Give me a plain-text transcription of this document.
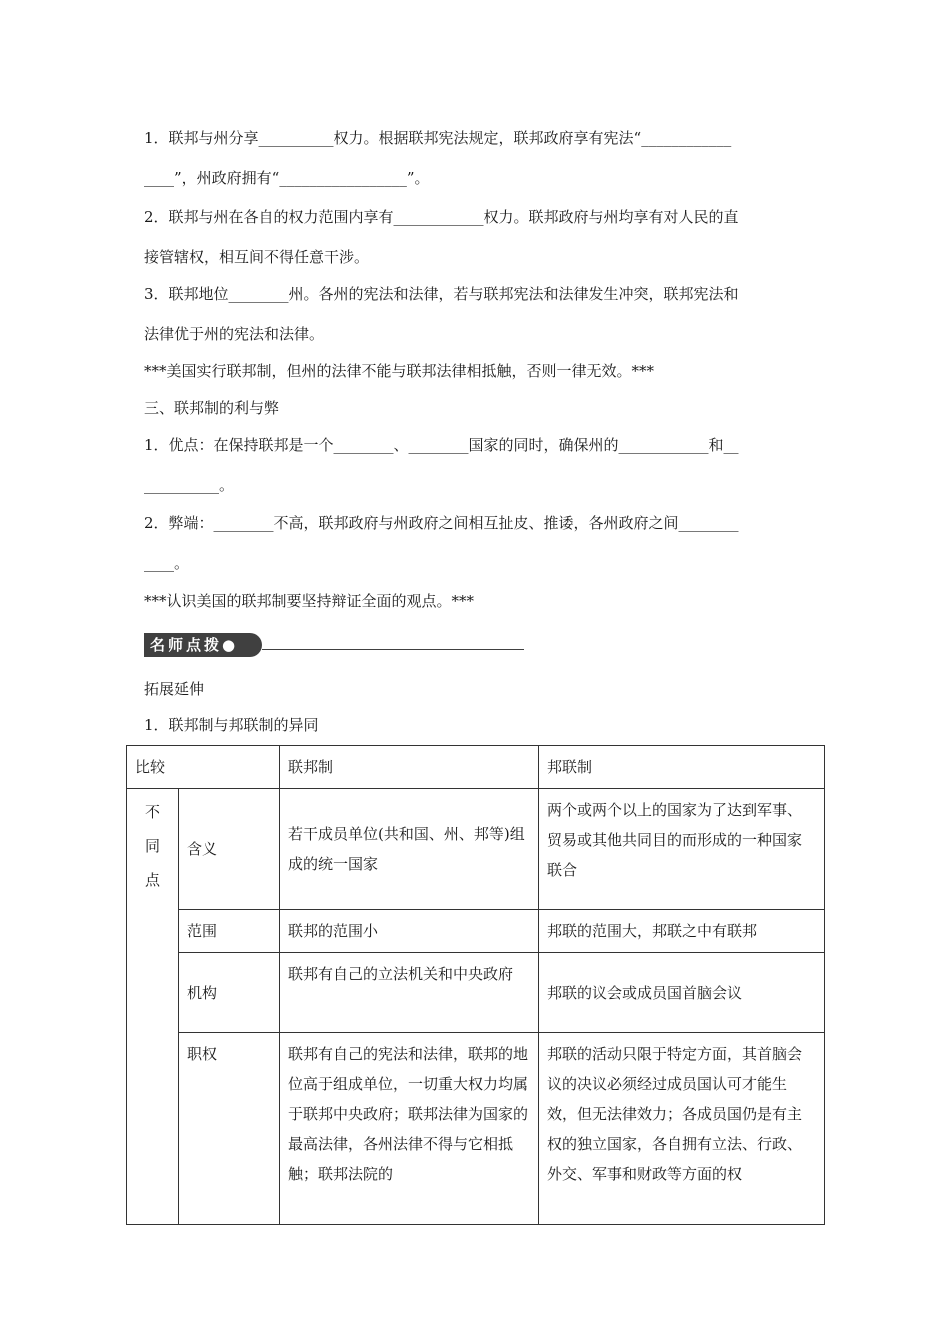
1．联邦与州分享__________权力。根据联邦宪法规定，联邦政府享有宪法“____________
____”，州政府拥有“_________________”。
2．联邦与州在各自的权力范围内享有____________权力。联邦政府与州均享有对人民的直
接管辖权，相互间不得任意干涉。
3．联邦地位________州。各州的宪法和法律，若与联邦宪法和法律发生冲突，联邦宪法和
法律优于州的宪法和法律。
***美国实行联邦制，但州的法律不能与联邦法律相抵触，否则一律无效。***
三、联邦制的利与弊
1．优点：在保持联邦是一个________、________国家的同时，确保州的____________和__
__________。
2．弊端：________不高，联邦政府与州政府之间相互扯皮、推诿，各州政府之间________
____。
***认识美国的联邦制要坚持辩证全面的观点。***
名师点拨●
拓展延伸
1．联邦制与邦联制的异同
比较		联邦制	邦联制

不同点	含义	若干成员单位(共和国、州、邦等)组成的统一国家	两个或两个以上的国家为了达到军事、贸易或其他共同目的而形成的一种国家联合
	范围	联邦的范围小	邦联的范围大，邦联之中有联邦
	机构	联邦有自己的立法机关和中央政府	邦联的议会或成员国首脑会议
	职权	联邦有自己的宪法和法律，联邦的地位高于组成单位，一切重大权力均属于联邦中央政府；联邦法律为国家的最高法律，各州法律不得与它相抵触；联邦法院的	邦联的活动只限于特定方面，其首脑会议的决议必须经过成员国认可才能生效，但无法律效力；各成员国仍是有主权的独立国家，各自拥有立法、行政、外交、军事和财政等方面的权
